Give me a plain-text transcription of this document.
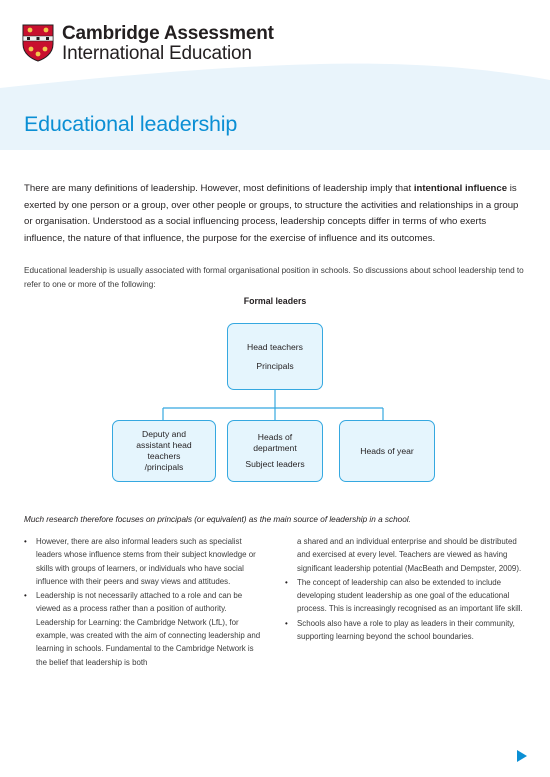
Cambridge Assessment
International Education
Educational leadership

There are many definitions of leadership. However, most definitions of leadership imply that intentional influence is exerted by one person or a group, over other people or groups, to structure the activities and relationships in a group or organisation. Understood as a social influencing process, leadership concepts differ in terms of who exerts influence, the nature of that influence, the purpose for the exercise of influence and its outcomes.

Educational leadership is usually associated with formal organisational position in schools. So discussions about school leadership tend to refer to one or more of the following:

Formal leaders
Head teachers
Principals
Deputy and
assistant head
teachers
/principals
Heads of
department
Subject leaders
Heads of year

Much research therefore focuses on principals (or equivalent) as the main source of leadership in a school.

• However, there are also informal leaders such as specialist leaders whose influence stems from their subject knowledge or skills with groups of learners, or individuals who have social influence with their peers and sway views and attitudes.

• Leadership is not necessarily attached to a role and can be viewed as a process rather than a position of authority. Leadership for Learning: the Cambridge Network (LfL), for example, was created with the aim of connecting leadership and learning in schools. Fundamental to the Cambridge Network is the belief that leadership is both

a shared and an individual enterprise and should be distributed and exercised at every level. Teachers are viewed as having significant leadership potential (MacBeath and Dempster, 2009).

• The concept of leadership can also be extended to include developing student leadership as one goal of the educational process. This is increasingly recognised as an important life skill.

• Schools also have a role to play as leaders in their community, supporting learning beyond the school boundaries.
